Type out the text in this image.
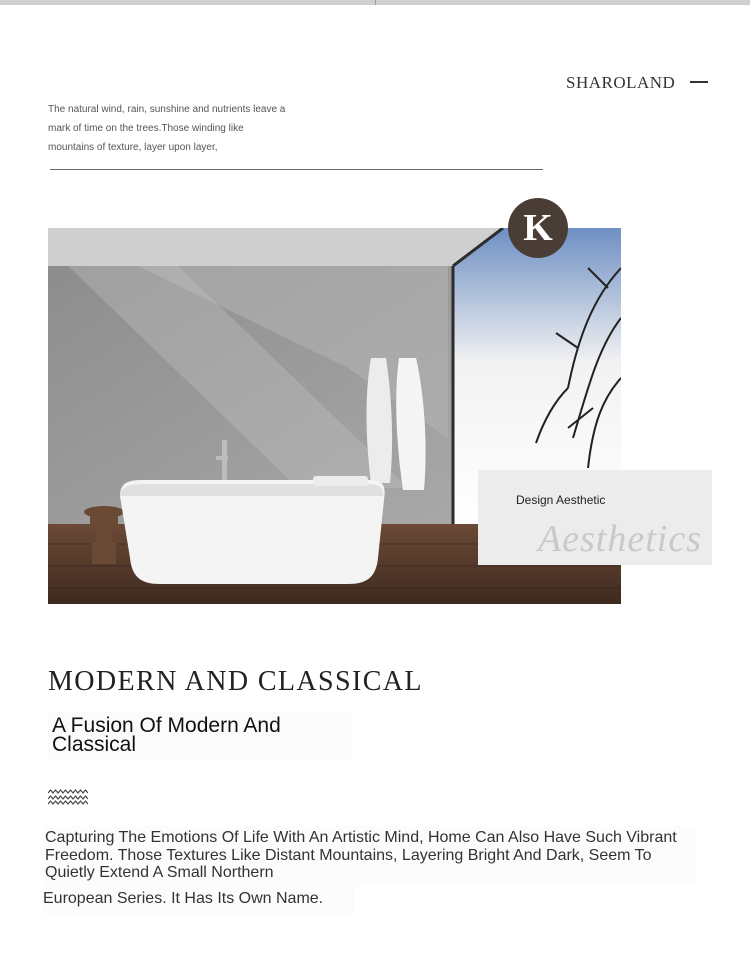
SHAROLAND
The natural wind, rain, sunshine and nutrients leave a
mark of time on the trees.Those winding like
mountains of texture, layer upon layer,
K
Design Aesthetic
Aesthetics
MODERN AND CLASSICAL
A Fusion Of Modern And Classical
Capturing The Emotions Of Life With An Artistic Mind, Home Can Also Have Such Vibrant Freedom. Those Textures Like Distant Mountains, Layering Bright And Dark, Seem To Quietly Extend A Small Northern
European Series. It Has Its Own Name.
